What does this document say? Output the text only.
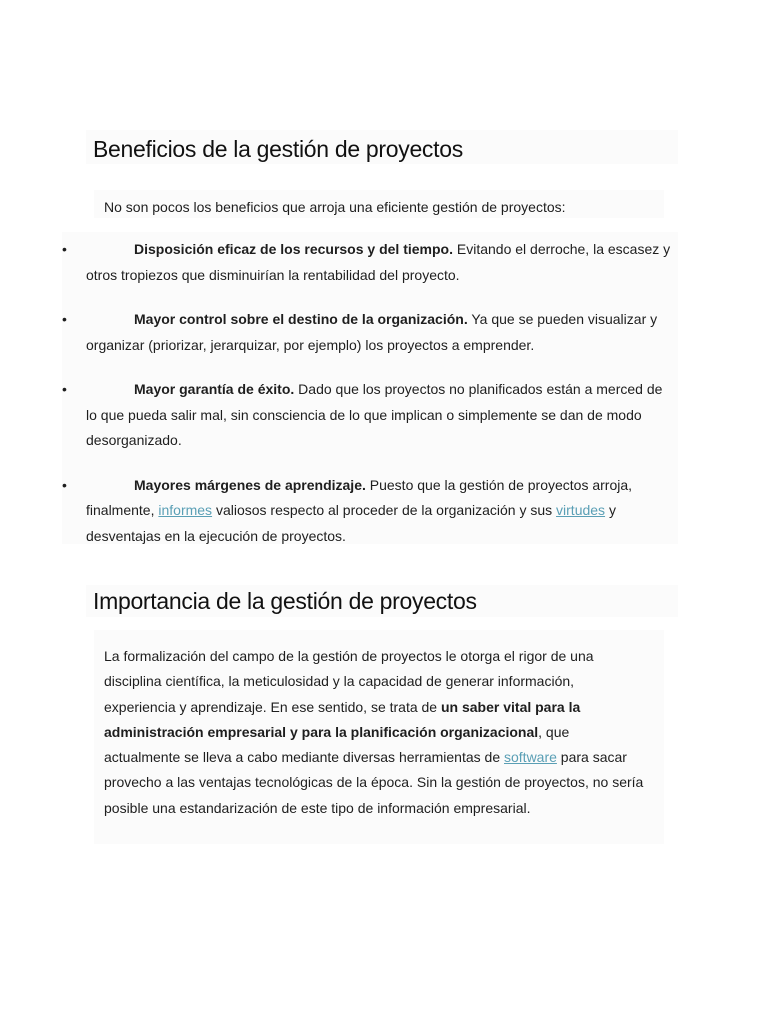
Beneficios de la gestión de proyectos

No son pocos los beneficios que arroja una eficiente gestión de proyectos:

•	Disposición eficaz de los recursos y del tiempo. Evitando el derroche, la escasez y otros tropiezos que disminuirían la rentabilidad del proyecto.
•	Mayor control sobre el destino de la organización. Ya que se pueden visualizar y organizar (priorizar, jerarquizar, por ejemplo) los proyectos a emprender.
•	Mayor garantía de éxito. Dado que los proyectos no planificados están a merced de lo que pueda salir mal, sin consciencia de lo que implican o simplemente se dan de modo desorganizado.
•	Mayores márgenes de aprendizaje. Puesto que la gestión de proyectos arroja, finalmente, informes valiosos respecto al proceder de la organización y sus virtudes y desventajas en la ejecución de proyectos.
Importancia de la gestión de proyectos

La formalización del campo de la gestión de proyectos le otorga el rigor de una disciplina científica, la meticulosidad y la capacidad de generar información, experiencia y aprendizaje. En ese sentido, se trata de un saber vital para la administración empresarial y para la planificación organizacional, que actualmente se lleva a cabo mediante diversas herramientas de software para sacar provecho a las ventajas tecnológicas de la época. Sin la gestión de proyectos, no sería posible una estandarización de este tipo de información empresarial.
